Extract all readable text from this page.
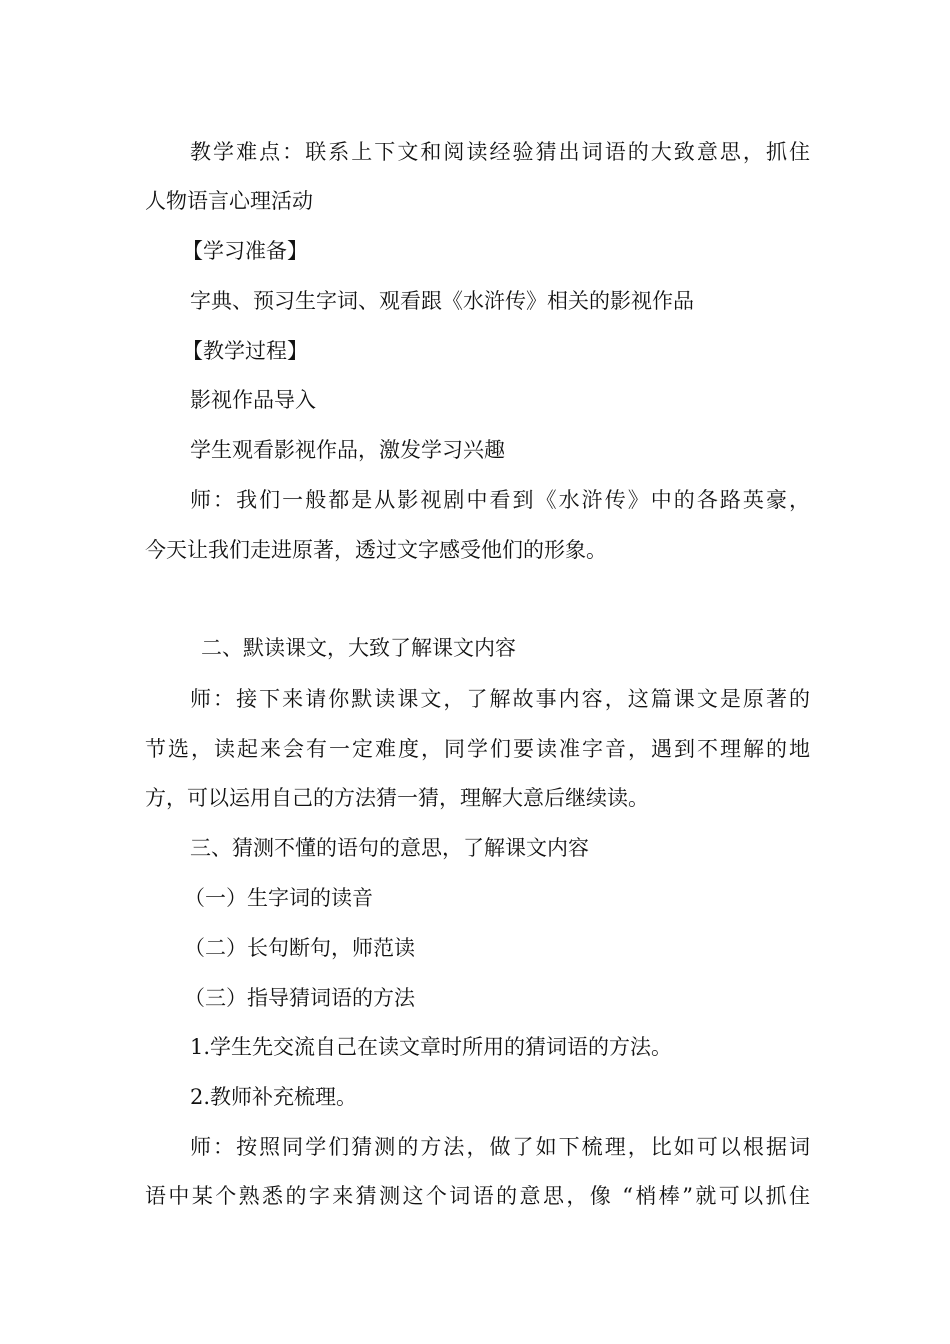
教学难点：联系上下文和阅读经验猜出词语的大致意思，抓住
人物语言心理活动
【学习准备】
字典、预习生字词、观看跟《水浒传》相关的影视作品
【教学过程】
影视作品导入
学生观看影视作品，激发学习兴趣
师：我们一般都是从影视剧中看到《水浒传》中的各路英豪，
今天让我们走进原著，透过文字感受他们的形象。
二、默读课文，大致了解课文内容
师：接下来请你默读课文，了解故事内容，这篇课文是原著的
节选，读起来会有一定难度，同学们要读准字音，遇到不理解的地
方，可以运用自己的方法猜一猜，理解大意后继续读。
三、猜测不懂的语句的意思，了解课文内容
（一）生字词的读音
（二）长句断句，师范读
（三）指导猜词语的方法
1.学生先交流自己在读文章时所用的猜词语的方法。
2.教师补充梳理。
师：按照同学们猜测的方法，做了如下梳理，比如可以根据词
语中某个熟悉的字来猜测这个词语的意思，像 “梢棒”就可以抓住
